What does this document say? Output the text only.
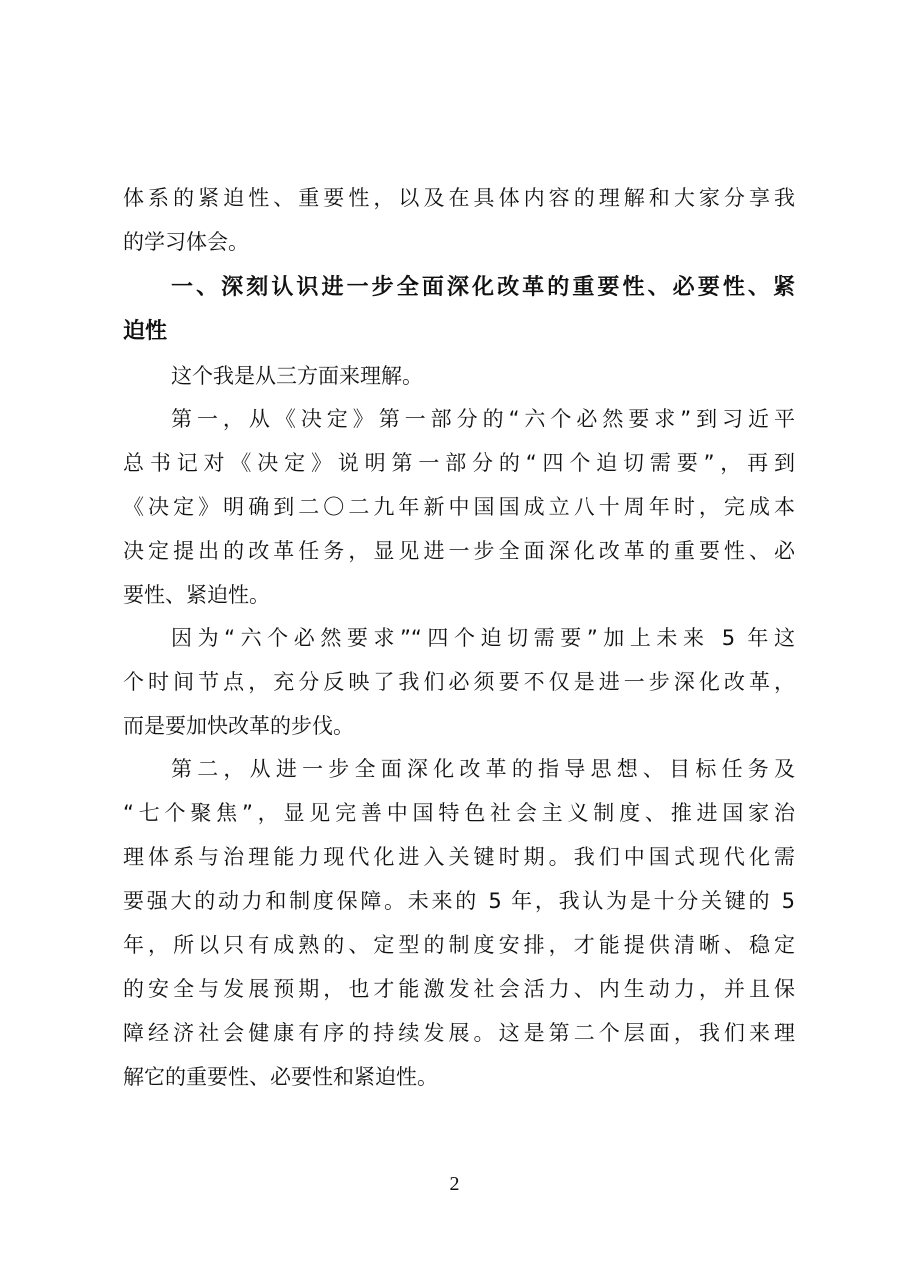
体系的紧迫性、重要性，以及在具体内容的理解和大家分享我
的学习体会。
一、深刻认识进一步全面深化改革的重要性、必要性、紧
迫性
这个我是从三方面来理解。
第一，从《决定》第一部分的“六个必然要求”到习近平
总书记对《决定》说明第一部分的“四个迫切需要”，再到
《决定》明确到二〇二九年新中国国成立八十周年时，完成本
决定提出的改革任务，显见进一步全面深化改革的重要性、必
要性、紧迫性。
因为“六个必然要求”“四个迫切需要”加上未来 5 年这
个时间节点，充分反映了我们必须要不仅是进一步深化改革，
而是要加快改革的步伐。
第二，从进一步全面深化改革的指导思想、目标任务及
“七个聚焦”，显见完善中国特色社会主义制度、推进国家治
理体系与治理能力现代化进入关键时期。我们中国式现代化需
要强大的动力和制度保障。未来的 5 年，我认为是十分关键的 5
年，所以只有成熟的、定型的制度安排，才能提供清晰、稳定
的安全与发展预期，也才能激发社会活力、内生动力，并且保
障经济社会健康有序的持续发展。这是第二个层面，我们来理
解它的重要性、必要性和紧迫性。
2
